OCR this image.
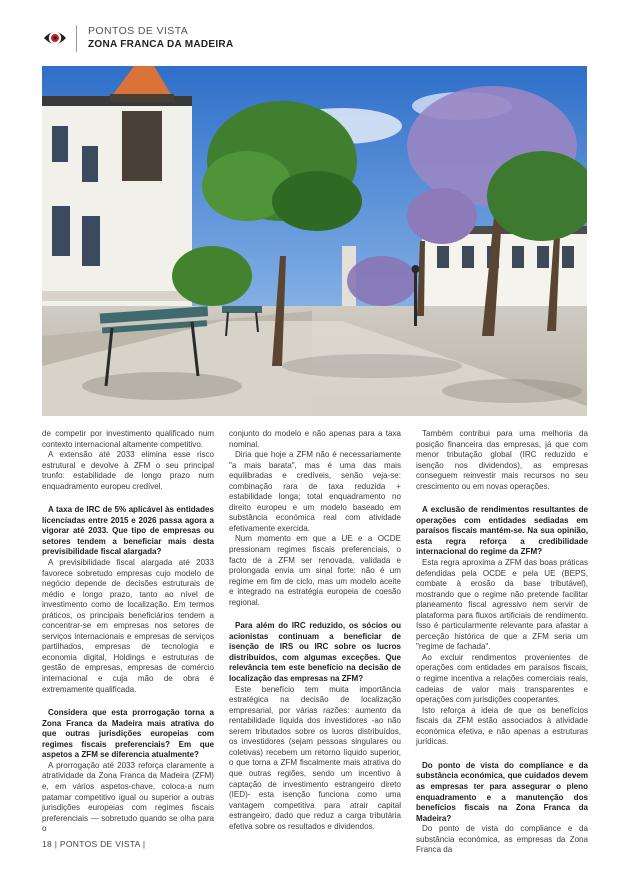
PONTOS DE VISTA
ZONA FRANCA DA MADEIRA

de competir por investimento qualificado num contexto internacional altamente competitivo.

A extensão até 2033 elimina esse risco estrutural e devolve à ZFM o seu principal trunfo: estabilidade de longo prazo num enquadramento europeu credível.

A taxa de IRC de 5% aplicável às entidades licenciadas entre 2015 e 2026 passa agora a vigorar até 2033. Que tipo de empresas ou setores tendem a beneficiar mais desta previsibilidade fiscal alargada?

A previsibilidade fiscal alargada até 2033 favorece sobretudo empresas cujo modelo de negócio depende de decisões estruturais de médio e longo prazo, tanto ao nível de investimento como de localização. Em termos práticos, os principais beneficiários tendem a concentrar-se em empresas nos setores de serviços internacionais e empresas de serviços partilhados, empresas de tecnologia e economia digital, Holdings e estruturas de gestão de empresas, empresas de comércio internacional e cuja mão de obra é extremamente qualificada.

Considera que esta prorrogação torna a Zona Franca da Madeira mais atrativa do que outras jurisdições europeias com regimes fiscais preferenciais? Em que aspetos a ZFM se diferencia atualmente?

A prorrogação até 2033 reforça claramente a atratividade da Zona Franca da Madeira (ZFM) e, em vários aspetos-chave, coloca-a num patamar competitivo igual ou superior a outras jurisdições europeias com regimes fiscais preferenciais — sobretudo quando se olha para o

conjunto do modelo e não apenas para a taxa nominal.

Diria que hoje a ZFM não é necessariamente "a mais barata", mas é uma das mais equilibradas e credíveis, senão veja-se: combinação rara de taxa reduzida + estabilidade longa; total enquadramento no direito europeu e um modelo baseado em substância económica real com atividade efetivamente exercida.

Num momento em que a UE e a OCDE pressionam regimes fiscais preferenciais, o facto de a ZFM ser renovada, validada e prolongada envia um sinal forte: não é um regime em fim de ciclo, mas um modelo aceite e integrado na estratégia europeia de coesão regional.

Para além do IRC reduzido, os sócios ou acionistas continuam a beneficiar de isenção de IRS ou IRC sobre os lucros distribuídos, com algumas exceções. Que relevância tem este benefício na decisão de localização das empresas na ZFM?

Este benefício tem muita importância estratégica na decisão de localização empresarial, por várias razões: aumento da rentabilidade líquida dos investidores -ao não serem tributados sobre os lucros distribuídos, os investidores (sejam pessoas singulares ou coletivas) recebem um retorno líquido superior, o que torna a ZFM fiscalmente mais atrativa do que outras regiões, sendo um incentivo à captação de investimento estrangeiro direto (IED)- esta isenção funciona como uma vantagem competitiva para atrair capital estrangeiro, dado que reduz a carga tributária efetiva sobre os resultados e dividendos.

Também contribui para uma melhoria da posição financeira das empresas, já que com menor tributação global (IRC reduzido e isenção nos dividendos), as empresas conseguem reinvestir mais recursos no seu crescimento ou em novas operações.

A exclusão de rendimentos resultantes de operações com entidades sediadas em paraísos fiscais mantém-se. Na sua opinião, esta regra reforça a credibilidade internacional do regime da ZFM?

Esta regra aproxima a ZFM das boas práticas defendidas pela OCDE e pela UE (BEPS, combate à erosão da base tributável), mostrando que o regime não pretende facilitar planeamento fiscal agressivo nem servir de plataforma para fluxos artificiais de rendimento. Isso é particularmente relevante para afastar a perceção histórica de que a ZFM seria um "regime de fachada".

Ao excluir rendimentos provenientes de operações com entidades em paraísos fiscais, o regime incentiva a relações comerciais reais, cadeias de valor mais transparentes e operações com jurisdições cooperantes.

Isto reforça a ideia de que os benefícios fiscais da ZFM estão associados à atividade económica efetiva, e não apenas a estruturas jurídicas.

Do ponto de vista do compliance e da substância económica, que cuidados devem as empresas ter para assegurar o pleno enquadramento e a manutenção dos benefícios fiscais na Zona Franca da Madeira?

Do ponto de vista do compliance e da substância económica, as empresas da Zona Franca da

18 | PONTOS DE VISTA |
